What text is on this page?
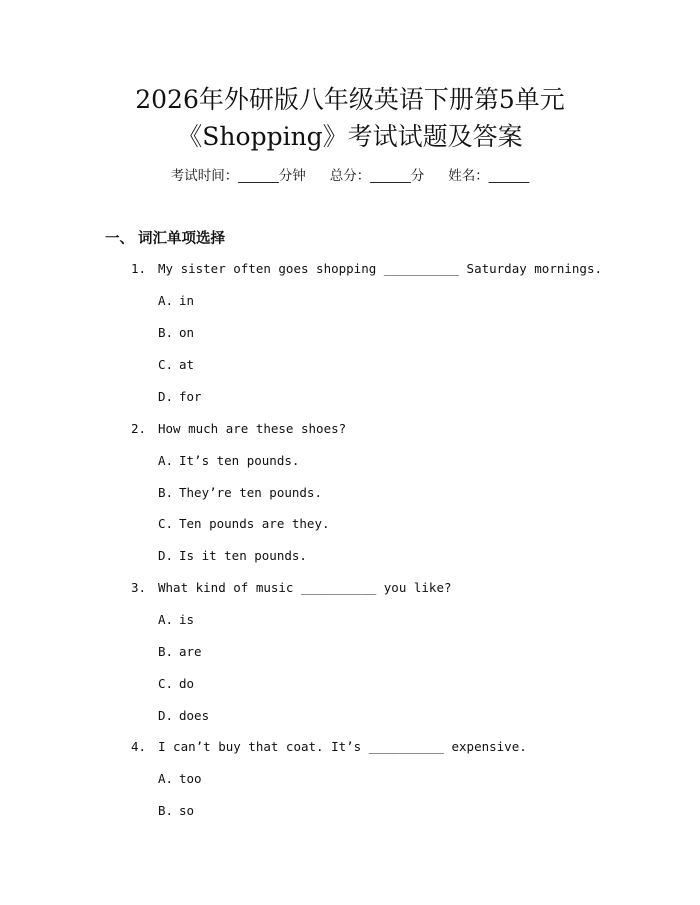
2026年外研版八年级英语下册第5单元
《Shopping》考试试题及答案
考试时间：______分钟 总分：______分 姓名：______
一、 词汇单项选择
1. My sister often goes shopping __________ Saturday mornings.
A. in
B. on
C. at
D. for
2. How much are these shoes?
A. It’s ten pounds.
B. They’re ten pounds.
C. Ten pounds are they.
D. Is it ten pounds.
3. What kind of music __________ you like?
A. is
B. are
C. do
D. does
4. I can’t buy that coat. It’s __________ expensive.
A. too
B. so
